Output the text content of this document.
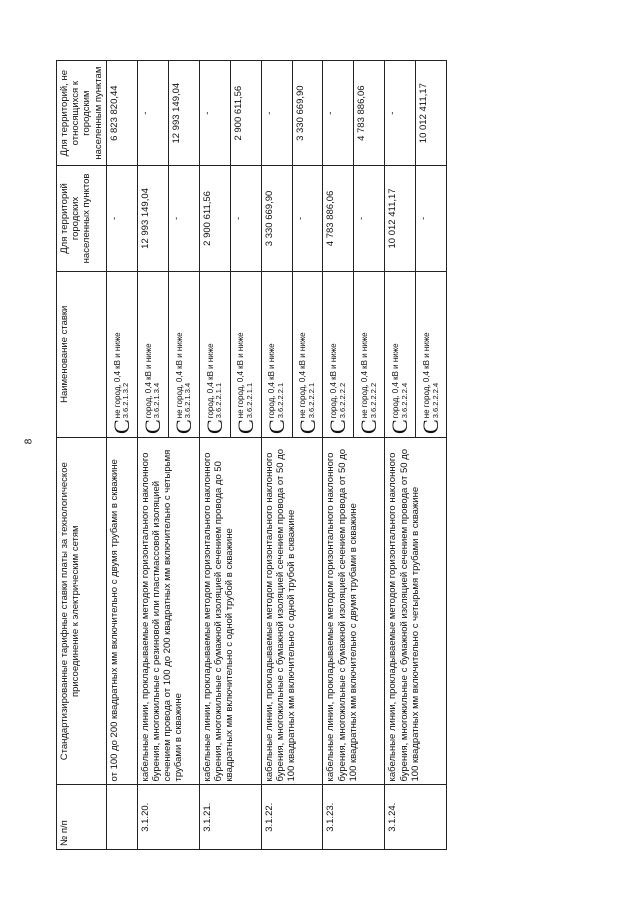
8
№ п/п	Стандартизированные тарифные ставки платы за технологическое присоединение к электрическим сетям	Наименование ставки	Для территорий городских населенных пунктов	Для территорий, не относящихся к городским населенным пунктам
	от 100 до 200 квадратных мм включительно с двумя трубами в скважине	Cне город, 0,4 кВ и ниже 3.6.2.1.3.2	-	6 823 820,44
3.1.20.	кабельные линии, прокладываемые методом горизонтального наклонного бурения, многожильные с резиновой или пластмассовой изоляцией сечением провода от 100 до 200 квадратных мм включительно с четырьмя трубами в скважине	Cгород, 0,4 кВ и ниже 3.6.2.1.3.4	12 993 149,04	-
		Cне город, 0,4 кВ и ниже 3.6.2.1.3.4	-	12 993 149,04
3.1.21.	кабельные линии, прокладываемые методом горизонтального наклонного бурения, многожильные с бумажной изоляцией сечением провода до 50 квадратных мм включительно с одной трубой в скважине	Cгород, 0,4 кВ и ниже 3.6.2.2.1.1	2 900 611,56	-
		Cне город, 0,4 кВ и ниже 3.6.2.2.1.1	-	2 900 611,56
3.1.22.	кабельные линии, прокладываемые методом горизонтального наклонного бурения, многожильные с бумажной изоляцией сечением провода от 50 до 100 квадратных мм включительно с одной трубой в скважине	Cгород, 0,4 кВ и ниже 3.6.2.2.2.1	3 330 669,90	-
		Cне город, 0,4 кВ и ниже 3.6.2.2.2.1	-	3 330 669,90
3.1.23.	кабельные линии, прокладываемые методом горизонтального наклонного бурения, многожильные с бумажной изоляцией сечением провода от 50 до 100 квадратных мм включительно с двумя трубами в скважине	Cгород, 0,4 кВ и ниже 3.6.2.2.2.2	4 783 886,06	-
		Cне город, 0,4 кВ и ниже 3.6.2.2.2.2	-	4 783 886,06
3.1.24.	кабельные линии, прокладываемые методом горизонтального наклонного бурения, многожильные с бумажной изоляцией сечением провода от 50 до 100 квадратных мм включительно с четырьмя трубами в скважине	Cгород, 0,4 кВ и ниже 3.6.2.2.2.4	10 012 411,17	-
		Cне город, 0,4 кВ и ниже 3.6.2.2.2.4	-	10 012 411,17
